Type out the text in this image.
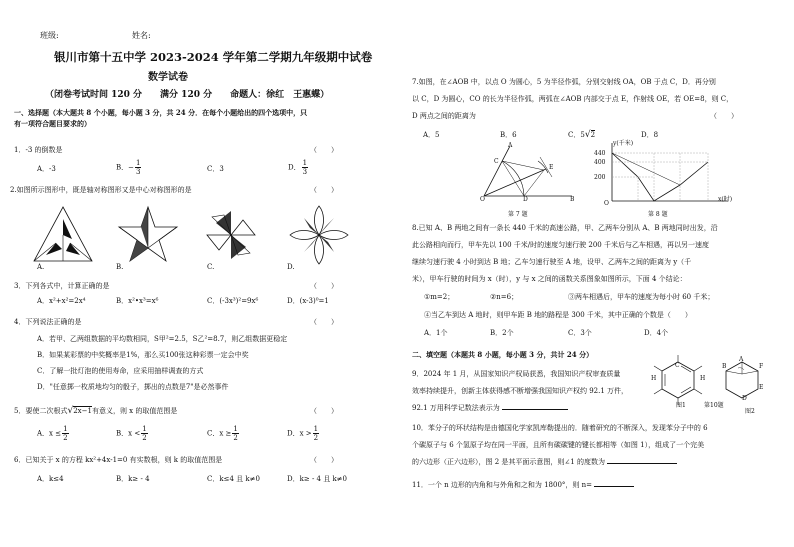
班级:	姓名:
银川市第十五中学 2023-2024 学年第二学期九年级期中试卷
数学试卷
（闭卷考试时间 120 分　　满分 120 分　　命题人：徐红　王惠蝶）
一、选择题（本大题共 8 个小题，每小题 3 分，共 24 分．在每个小题给出的四个选项中，只
有一项符合题目要求的）
1．-3 的倒数是	（　　）
A．-3	B．− $\frac{1}{3}$	C．3	D． $\frac{1}{3}$
2.如图所示图形中，既是轴对称图形又是中心对称图形的是	（　　）
A.	B.	C.	D.
3．下列各式中，计算正确的是	（　　）
A．x²+x²=2x⁴	B．x²•x³=x⁶	C．(-3x³)²=9x⁶	D．(x-3)⁰=1
4．下列说法正确的是	（　　）
A．若甲、乙两组数据的平均数相同，S甲²=2.5，S乙²=8.7，则乙组数据更稳定
B．如果某彩票的中奖概率是1%，那么买100张这种彩票一定会中奖
C．了解一批灯泡的使用寿命，应采用抽样调查的方式
D．"任意掷一枚质地均匀的骰子，掷出的点数是7"是必然事件
5．要使二次根式√2x−1有意义，则 x 的取值范围是	（　　）
A．$x \le \frac{1}{2}$	B．$x < \frac{1}{2}$	C．$x \ge \frac{1}{2}$	D．$x > \frac{1}{2}$
6．已知关于 x 的方程 kx²+4x-1=0 有实数根，则 k 的取值范围是	（　　）
A．k≤4	B．k≥ - 4	C．k≤4 且 k≠0	D．k≥ - 4 且 k≠0
7.如图，在∠AOB 中，以点 O 为圆心，5 为半径作弧，分别交射线 OA，OB 于点 C，D．再分别
以 C，D 为圆心，CO 的长为半径作弧，两弧在∠AOB 内部交于点 E，作射线 OE，若 OE=8，则 C，
D 两点之间的距离为	（　　）
A．5	B．6	C．5√2	D．8
A
C
E
O	D	B
第 7 题
y(千米)
440
400
200
O
x(时)
第 8 题
8.已知 A、B 两地之间有一条长 440 千米的高速公路，甲、乙两车分别从 A、B 两地同时出发，沿
此公路相向而行，甲车先以 100 千米/时的速度匀速行驶 200 千米后与乙车相遇，再以另一速度
继续匀速行驶 4 小时到达 B 地；乙车匀速行驶至 A 地，设甲、乙两车之间的距离为 y（千
米），甲车行驶的时间为 x（时），y 与 x 之间的函数关系图象如图所示，下面 4 个结论：
①m=2；	②n=6；	③两车相遇后，甲车的速度为每小时 60 千米；
④当乙车到达 A 地时，则甲车距 B 地的路程是 300 千米，其中正确的个数是（　　）
A．1个	B．2个	C．3个	D．4个
二、填空题（本题共 8 小题，每小题 3 分，共计 24 分）
9．2024 年 1 月，从国家知识产权局获悉，我国知识产权审查质量
效率持续提升，创新主体获得感不断增强我国知识产权约 92.1 万件，
92.1 万用科学记数法表示为
H	H
C
A
B	F
E
D
图1	第10题
图2
10．苯分子的环状结构是由德国化学家凯库勒提出的．随着研究的不断深入，发现苯分子中的 6
个碳原子与 6 个氢原子均在同一平面，且所有碳碳键的键长都相等（如图 1），组成了一个完美
的六边形（正六边形），图 2 是其平面示意图，则∠1 的度数为
11．一个 n 边形的内角和与外角和之和为 1800°，则 n=
